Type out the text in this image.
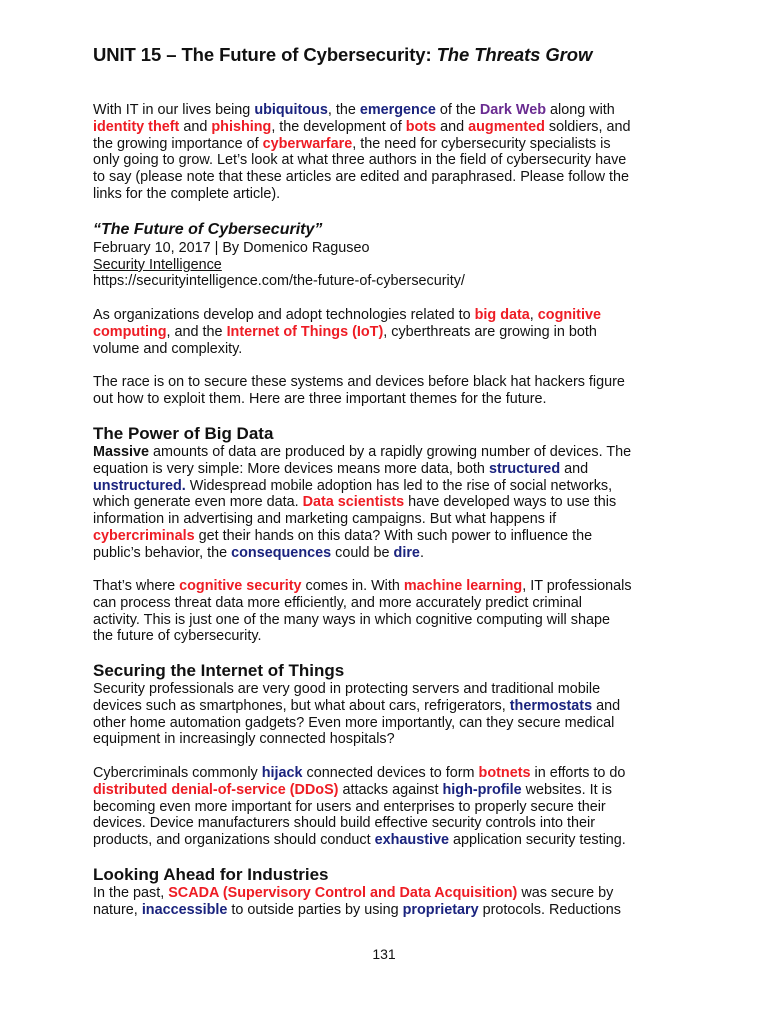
UNIT 15 – The Future of Cybersecurity: The Threats Grow

With IT in our lives being ubiquitous, the emergence of the Dark Web along with
identity theft and phishing, the development of bots and augmented soldiers, and
the growing importance of cyberwarfare, the need for cybersecurity specialists is
only going to grow. Let’s look at what three authors in the field of cybersecurity have
to say (please note that these articles are edited and paraphrased. Please follow the
links for the complete article).

“The Future of Cybersecurity”

February 10, 2017 | By Domenico Raguseo

Security Intelligence

https://securityintelligence.com/the-future-of-cybersecurity/

As organizations develop and adopt technologies related to big data, cognitive
computing, and the Internet of Things (IoT), cyberthreats are growing in both
volume and complexity.

The race is on to secure these systems and devices before black hat hackers figure
out how to exploit them. Here are three important themes for the future.

The Power of Big Data

Massive amounts of data are produced by a rapidly growing number of devices. The
equation is very simple: More devices means more data, both structured and
unstructured. Widespread mobile adoption has led to the rise of social networks,
which generate even more data. Data scientists have developed ways to use this
information in advertising and marketing campaigns. But what happens if
cybercriminals get their hands on this data? With such power to influence the
public’s behavior, the consequences could be dire.

That’s where cognitive security comes in. With machine learning, IT professionals
can process threat data more efficiently, and more accurately predict criminal
activity. This is just one of the many ways in which cognitive computing will shape
the future of cybersecurity.

Securing the Internet of Things

Security professionals are very good in protecting servers and traditional mobile
devices such as smartphones, but what about cars, refrigerators, thermostats and
other home automation gadgets? Even more importantly, can they secure medical
equipment in increasingly connected hospitals?

Cybercriminals commonly hijack connected devices to form botnets in efforts to do
distributed denial-of-service (DDoS) attacks against high-profile websites. It is
becoming even more important for users and enterprises to properly secure their
devices. Device manufacturers should build effective security controls into their
products, and organizations should conduct exhaustive application security testing.

Looking Ahead for Industries

In the past, SCADA (Supervisory Control and Data Acquisition) was secure by
nature, inaccessible to outside parties by using proprietary protocols. Reductions

131
